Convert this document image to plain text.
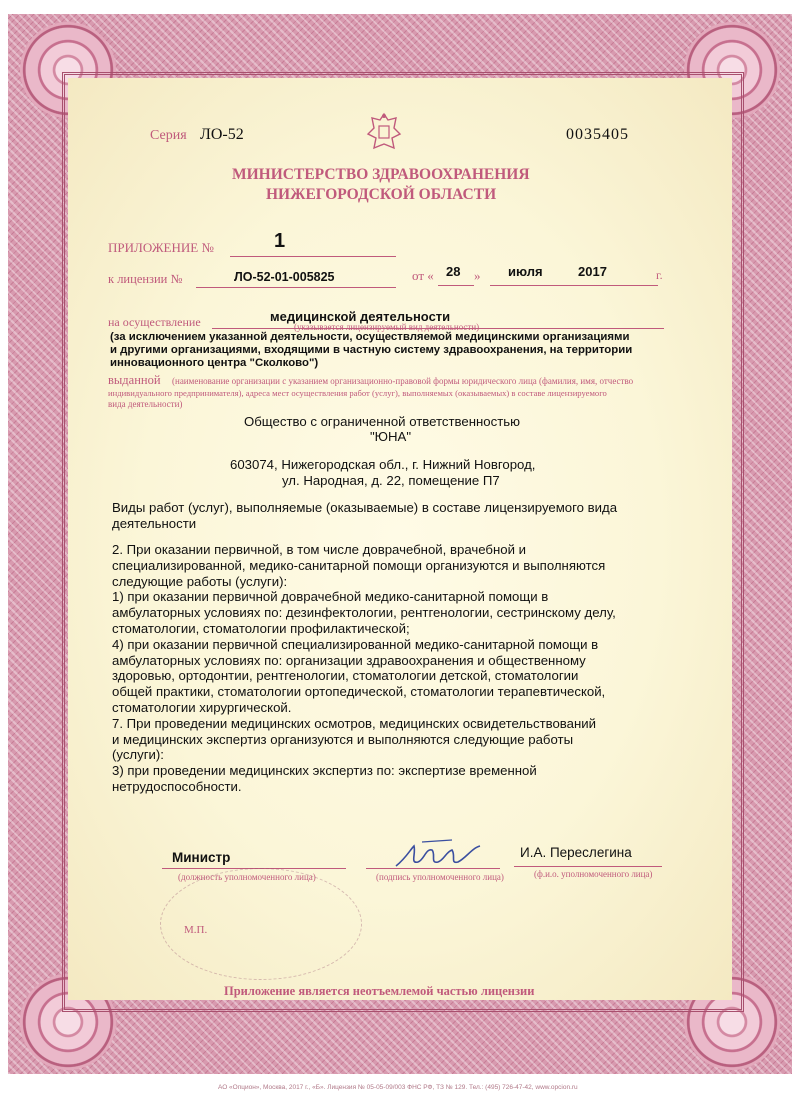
Серия ЛО-52	0035405
МИНИСТЕРСТВО ЗДРАВООХРАНЕНИЯ
НИЖЕГОРОДСКОЙ ОБЛАСТИ
ПРИЛОЖЕНИЕ №	1
к лицензии №	ЛО-52-01-005825	от « 28 » июля	2017	г.
на осуществление	медицинской деятельности
(указывается лицензируемый вид деятельности)
(за исключением указанной деятельности, осуществляемой медицинскими организациями
и другими организациями, входящими в частную систему здравоохранения, на территории
инновационного центра "Сколково")
выданной (наименование организации с указанием организационно-правовой формы юридического лица (фамилия, имя, отчество
индивидуального предпринимателя), адреса мест осуществления работ (услуг), выполняемых (оказываемых) в составе лицензируемого
вида деятельности)
Общество с ограниченной ответственностью
"ЮНА"
603074, Нижегородская обл., г. Нижний Новгород,
ул. Народная, д. 22, помещение П7
Виды работ (услуг), выполняемые (оказываемые) в составе лицензируемого вида
деятельности
2. При оказании первичной, в том числе доврачебной, врачебной и
специализированной, медико-санитарной помощи организуются и выполняются
следующие работы (услуги):
1) при оказании первичной доврачебной медико-санитарной помощи в
амбулаторных условиях по: дезинфектологии, рентгенологии, сестринскому делу,
стоматологии, стоматологии профилактической;
4) при оказании первичной специализированной медико-санитарной помощи в
амбулаторных условиях по: организации здравоохранения и общественному
здоровью, ортодонтии, рентгенологии, стоматологии детской, стоматологии
общей практики, стоматологии ортопедической, стоматологии терапевтической,
стоматологии хирургической.
7. При проведении медицинских осмотров, медицинских освидетельствований
и медицинских экспертиз организуются и выполняются следующие работы
(услуги):
3) при проведении медицинских экспертиз по: экспертизе временной
нетрудоспособности.
Министр
(должность уполномоченного лица)	(подпись уполномоченного лица)
И.А. Переслегина
(ф.и.о. уполномоченного лица)
М.П.
Приложение является неотъемлемой частью лицензии
АО «Опцион», Москва, 2017 г., «Б». Лицензия № 05-05-09/003 ФНС РФ, ТЗ № 129. Тел.: (495) 726-47-42, www.opcion.ru
